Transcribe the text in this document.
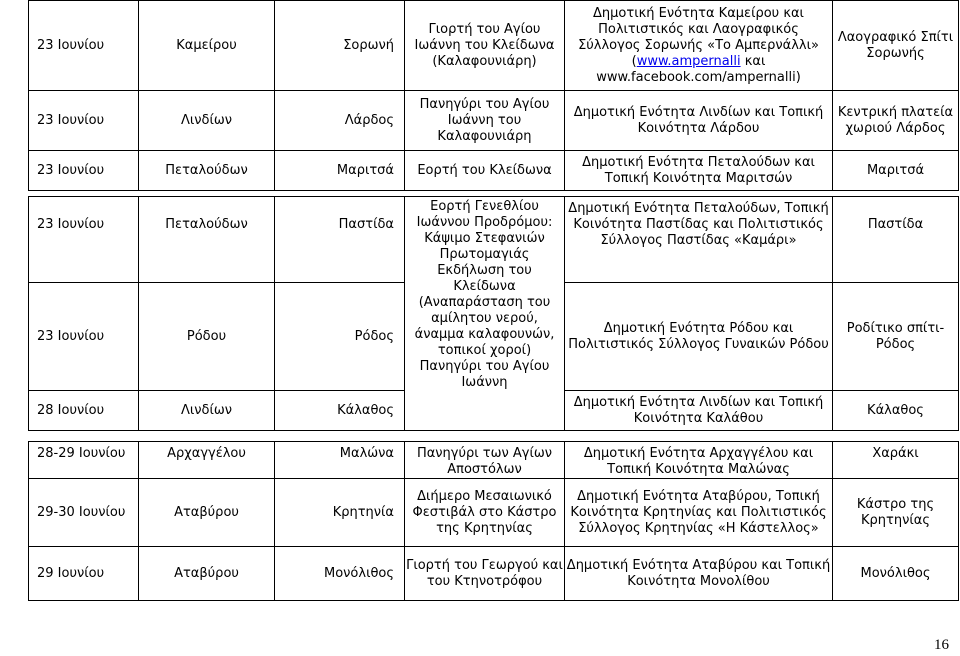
23 Ιουνίου	Καμείρου	Σορωνή	Γιορτή του Αγίου Ιωάννη του Κλείδωνα (Καλαφουνιάρη)	Δημοτική Ενότητα Καμείρου και Πολιτιστικός και Λαογραφικός Σύλλογος Σορωνής «Το Αμπερνάλλι» (www.ampernalli και www.facebook.com/ampernalli)	Λαογραφικό Σπίτι Σορωνής
23 Ιουνίου	Λινδίων	Λάρδος	Πανηγύρι του Αγίου Ιωάννη του Καλαφουνιάρη	Δημοτική Ενότητα Λινδίων και Τοπική Κοινότητα Λάρδου	Κεντρική πλατεία χωριού Λάρδος
23 Ιουνίου	Πεταλούδων	Μαριτσά	Εορτή του Κλείδωνα	Δημοτική Ενότητα Πεταλούδων και Τοπική Κοινότητα Μαριτσών	Μαριτσά
23 Ιουνίου	Πεταλούδων	Παστίδα	Εορτή Γενεθλίου Ιωάννου Προδρόμου: Κάψιμο Στεφανιών Πρωτομαγιάς Εκδήλωση του Κλείδωνα (Αναπαράσταση του αμίλητου νερού, άναμμα καλαφουνών, τοπικοί χοροί) Πανηγύρι του Αγίου Ιωάννη	Δημοτική Ενότητα Πεταλούδων, Τοπική Κοινότητα Παστίδας και Πολιτιστικός Σύλλογος Παστίδας «Καμάρι»	Παστίδα
23 Ιουνίου	Ρόδου	Ρόδος		Δημοτική Ενότητα Ρόδου και Πολιτιστικός Σύλλογος Γυναικών Ρόδου	Ροδίτικο σπίτι-Ρόδος
28 Ιουνίου	Λινδίων	Κάλαθος		Δημοτική Ενότητα Λινδίων και Τοπική Κοινότητα Καλάθου	Κάλαθος
28-29 Ιουνίου	Αρχαγγέλου	Μαλώνα	Πανηγύρι των Αγίων Αποστόλων	Δημοτική Ενότητα Αρχαγγέλου και Τοπική Κοινότητα Μαλώνας	Χαράκι
29-30 Ιουνίου	Αταβύρου	Κρητηνία	Διήμερο Μεσαιωνικό Φεστιβάλ στο Κάστρο της Κρητηνίας	Δημοτική Ενότητα Αταβύρου, Τοπική Κοινότητα Κρητηνίας και Πολιτιστικός Σύλλογος Κρητηνίας «Η Κάστελλος»	Κάστρο της Κρητηνίας
29 Ιουνίου	Αταβύρου	Μονόλιθος	Γιορτή του Γεωργού και του Κτηνοτρόφου	Δημοτική Ενότητα Αταβύρου και Τοπική Κοινότητα Μονολίθου	Μονόλιθος
16
